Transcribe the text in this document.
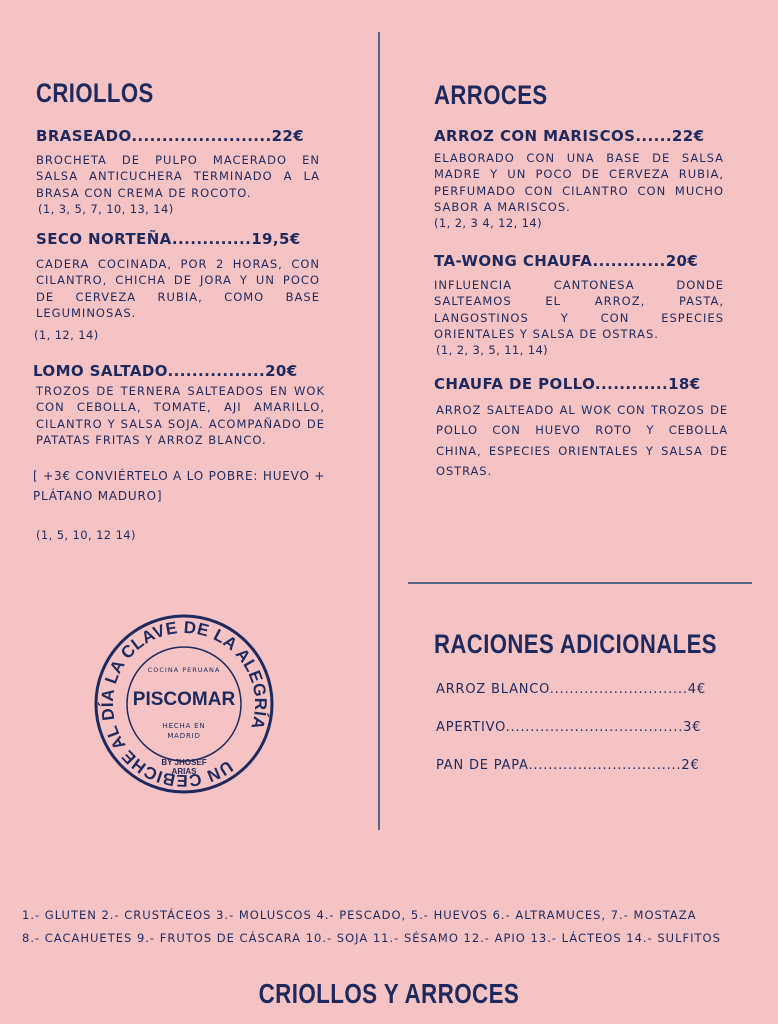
CRIOLLOS
BRASEADO.......................22€
BROCHETA DE PULPO MACERADO EN SALSA ANTICUCHERA TERMINADO A LA BRASA CON CREMA DE ROCOTO.
(1, 3, 5, 7, 10, 13, 14)
SECO NORTEÑA.............19,5€
CADERA COCINADA, POR 2 HORAS, CON CILANTRO, CHICHA DE JORA Y UN POCO DE CERVEZA RUBIA, COMO BASE LEGUMINOSAS.
(1, 12, 14)
LOMO SALTADO................20€
TROZOS DE TERNERA SALTEADOS EN WOK CON CEBOLLA, TOMATE, AJI AMARILLO, CILANTRO Y SALSA SOJA. ACOMPAÑADO DE PATATAS FRITAS Y ARROZ BLANCO.
[ +3€ CONVIÉRTELO A LO POBRE: HUEVO + PLÁTANO MADURO]
(1, 5, 10, 12 14)
UN CEBICHE AL DÍA LA CLAVE DE LA ALEGRÍA
COCINA PERUANA
PISCOMAR
HECHA EN
MADRID
BY JHOSEF
ARIAS
ARROCES
ARROZ CON MARISCOS......22€
ELABORADO CON UNA BASE DE SALSA MADRE Y UN POCO DE CERVEZA RUBIA, PERFUMADO CON CILANTRO CON MUCHO SABOR A MARISCOS.
(1, 2, 3 4, 12, 14)
TA-WONG CHAUFA............20€
INFLUENCIA CANTONESA DONDE SALTEAMOS EL ARROZ, PASTA, LANGOSTINOS Y CON ESPECIES ORIENTALES Y SALSA DE OSTRAS.
(1, 2, 3, 5, 11, 14)
CHAUFA DE POLLO............18€
ARROZ SALTEADO AL WOK CON TROZOS DE POLLO CON HUEVO ROTO Y CEBOLLA CHINA, ESPECIES ORIENTALES Y SALSA DE OSTRAS.
RACIONES ADICIONALES
ARROZ BLANCO............................4€
APERTIVO....................................3€
PAN DE PAPA...............................2€
1.- GLUTEN 2.- CRUSTÁCEOS 3.- MOLUSCOS 4.- PESCADO, 5.- HUEVOS 6.- ALTRAMUCES, 7.- MOSTAZA
8.- CACAHUETES 9.- FRUTOS DE CÁSCARA 10.- SOJA 11.- SÉSAMO 12.- APIO 13.- LÁCTEOS 14.- SULFITOS
CRIOLLOS Y ARROCES
